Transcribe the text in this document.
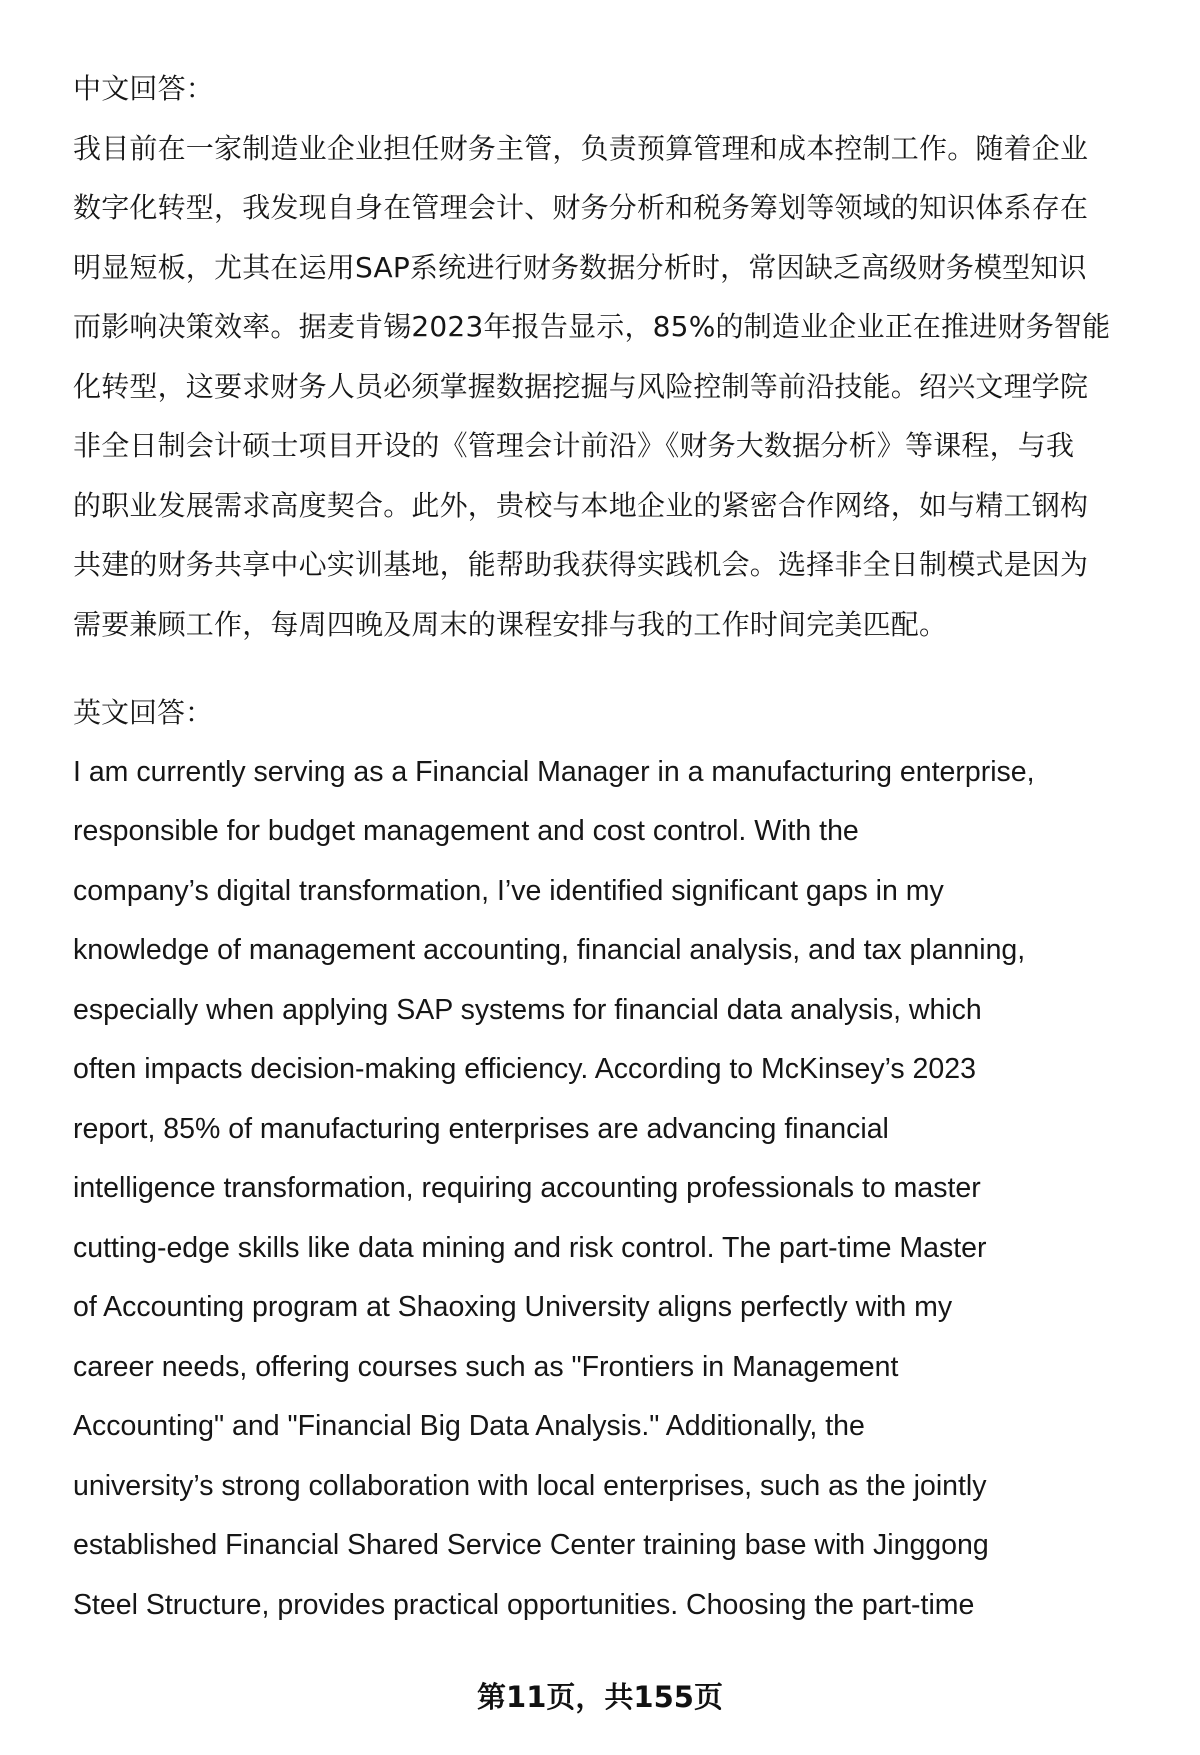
中文回答：
我目前在一家制造业企业担任财务主管，负责预算管理和成本控制工作。随着企业
数字化转型，我发现自身在管理会计、财务分析和税务筹划等领域的知识体系存在
明显短板，尤其在运用SAP系统进行财务数据分析时，常因缺乏高级财务模型知识
而影响决策效率。据麦肯锡2023年报告显示，85%的制造业企业正在推进财务智能
化转型，这要求财务人员必须掌握数据挖掘与风险控制等前沿技能。绍兴文理学院
非全日制会计硕士项目开设的《管理会计前沿》《财务大数据分析》等课程，与我
的职业发展需求高度契合。此外，贵校与本地企业的紧密合作网络，如与精工钢构
共建的财务共享中心实训基地，能帮助我获得实践机会。选择非全日制模式是因为
需要兼顾工作，每周四晚及周末的课程安排与我的工作时间完美匹配。
英文回答：
I am currently serving as a Financial Manager in a manufacturing enterprise,
responsible for budget management and cost control. With the
company’s digital transformation, I’ve identified significant gaps in my
knowledge of management accounting, financial analysis, and tax planning,
especially when applying SAP systems for financial data analysis, which
often impacts decision-making efficiency. According to McKinsey’s 2023
report, 85% of manufacturing enterprises are advancing financial
intelligence transformation, requiring accounting professionals to master
cutting-edge skills like data mining and risk control. The part-time Master
of Accounting program at Shaoxing University aligns perfectly with my
career needs, offering courses such as "Frontiers in Management
Accounting" and "Financial Big Data Analysis." Additionally, the
university’s strong collaboration with local enterprises, such as the jointly
established Financial Shared Service Center training base with Jinggong
Steel Structure, provides practical opportunities. Choosing the part-time
第11页，共155页
